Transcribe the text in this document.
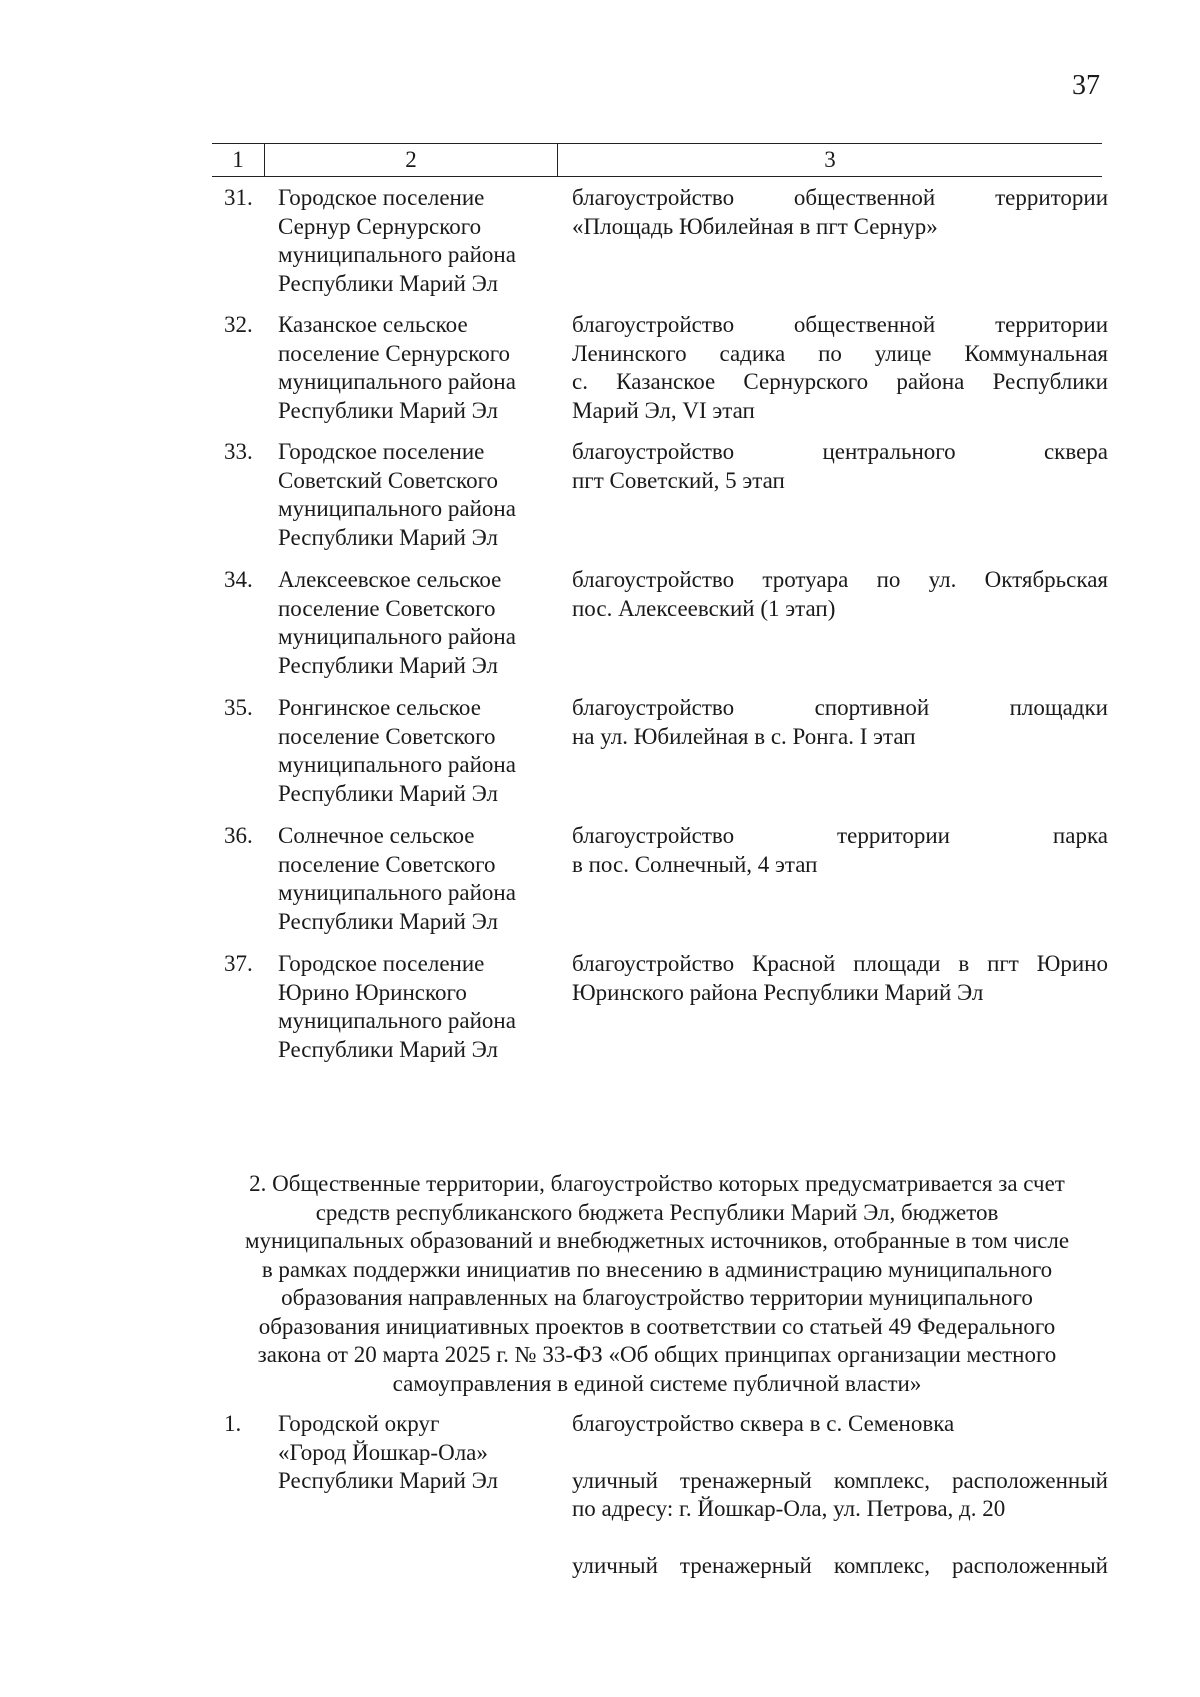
37
1	2	3
31. Городское поселение
Сернур Сернурского
муниципального района
Республики Марий Эл
благоустройство общественной территории
«Площадь Юбилейная в пгт Сернур»
32. Казанское сельское
поселение Сернурского
муниципального района
Республики Марий Эл
благоустройство общественной территории
Ленинского садика по улице Коммунальная
с. Казанское Сернурского района Республики
Марий Эл, VI этап
33. Городское поселение
Советский Советского
муниципального района
Республики Марий Эл
благоустройство центрального сквера
пгт Советский, 5 этап
34. Алексеевское сельское
поселение Советского
муниципального района
Республики Марий Эл
благоустройство тротуара по ул. Октябрьская
пос. Алексеевский (1 этап)
35. Ронгинское сельское
поселение Советского
муниципального района
Республики Марий Эл
благоустройство спортивной площадки
на ул. Юбилейная в с. Ронга. I этап
36. Солнечное сельское
поселение Советского
муниципального района
Республики Марий Эл
благоустройство территории парка
в пос. Солнечный, 4 этап
37. Городское поселение
Юрино Юринского
муниципального района
Республики Марий Эл
благоустройство Красной площади в пгт Юрино
Юринского района Республики Марий Эл
2. Общественные территории, благоустройство которых предусматривается за счет
средств республиканского бюджета Республики Марий Эл, бюджетов
муниципальных образований и внебюджетных источников, отобранные в том числе
в рамках поддержки инициатив по внесению в администрацию муниципального
образования направленных на благоустройство территории муниципального
образования инициативных проектов в соответствии со статьей 49 Федерального
закона от 20 марта 2025 г. № 33-ФЗ «Об общих принципах организации местного
самоуправления в единой системе публичной власти»
1. Городской округ
«Город Йошкар-Ола»
Республики Марий Эл

благоустройство сквера в с. Семеновка

уличный тренажерный комплекс, расположенный
по адресу: г. Йошкар-Ола, ул. Петрова, д. 20

уличный тренажерный комплекс, расположенный
